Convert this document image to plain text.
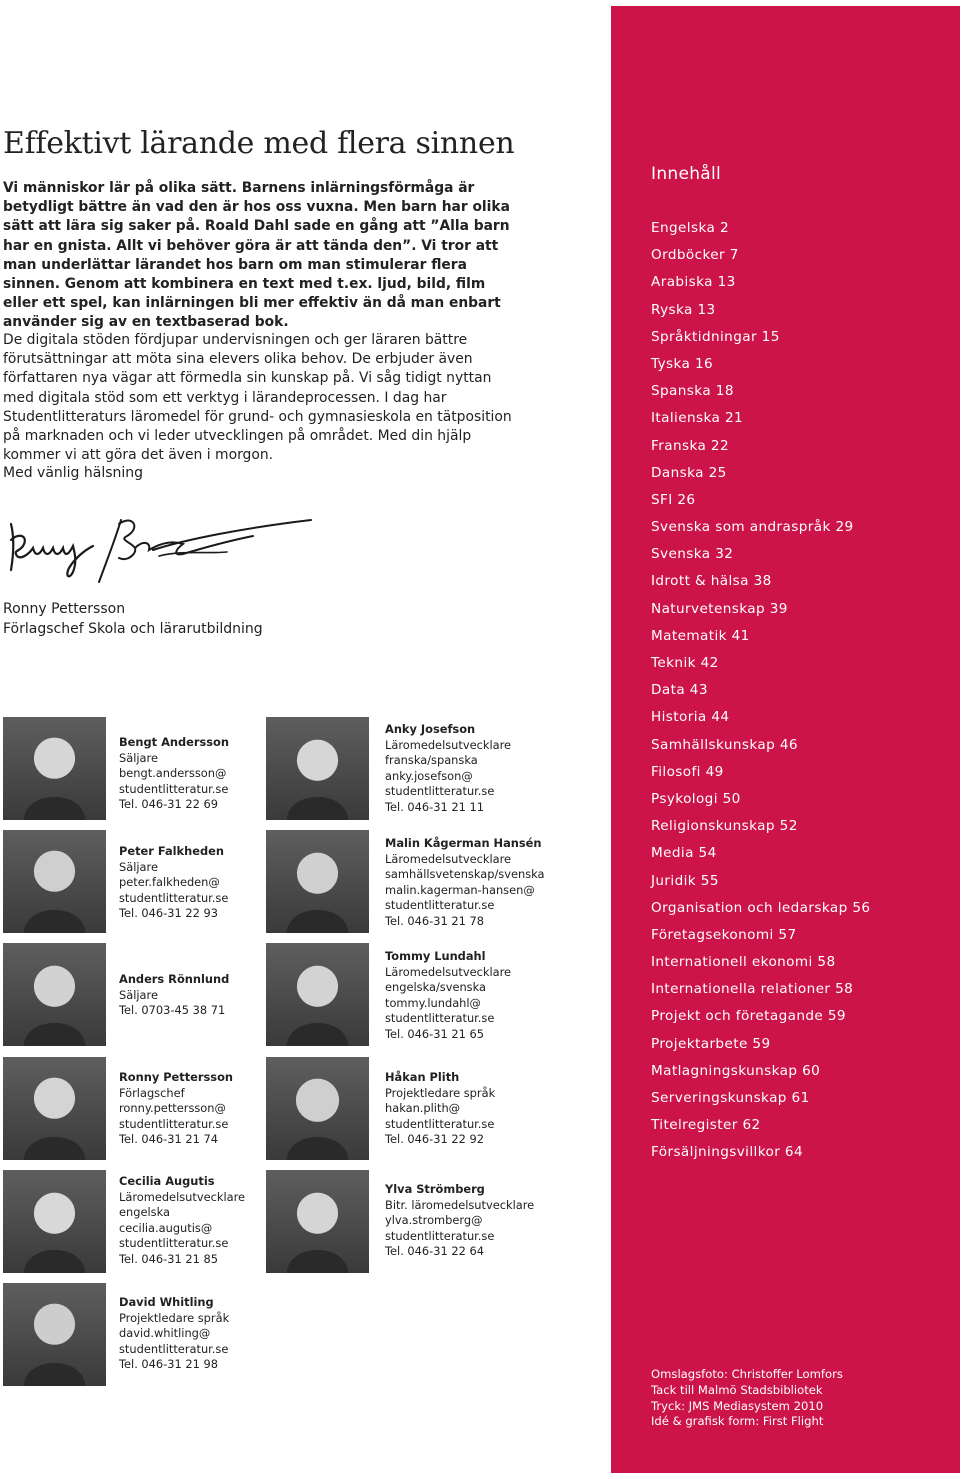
Effektivt lärande med flera sinnen

Vi människor lär på olika sätt. Barnens inlärningsförmåga är betydligt bättre än vad den är hos oss vuxna. Men barn har olika sätt att lära sig saker på. Roald Dahl sade en gång att ”Alla barn har en gnista. Allt vi behöver göra är att tända den”. Vi tror att man underlättar lärandet hos barn om man stimulerar flera sinnen. Genom att kombinera en text med t.ex. ljud, bild, film eller ett spel, kan inlärningen bli mer effektiv än då man enbart använder sig av en textbaserad bok.

De digitala stöden fördjupar undervisningen och ger läraren bättre förutsättningar att möta sina elevers olika behov. De erbjuder även författaren nya vägar att förmedla sin kunskap på. Vi såg tidigt nyttan med digitala stöd som ett verktyg i lärandeprocessen. I dag har Studentlitteraturs läromedel för grund- och gymnasieskola en tätposition på marknaden och vi leder utvecklingen på området. Med din hjälp kommer vi att göra det även i morgon.

Med vänlig hälsning
Ronny Pettersson
Förlagschef Skola och lärarutbildning
Bengt Andersson
Säljare
bengt.andersson@
studentlitteratur.se
Tel. 046-31 22 69
Peter Falkheden
Säljare
peter.falkheden@
studentlitteratur.se
Tel. 046-31 22 93
Anders Rönnlund
Säljare
Tel. 0703-45 38 71
Ronny Pettersson
Förlagschef
ronny.pettersson@
studentlitteratur.se
Tel. 046-31 21 74
Cecilia Augutis
Läromedelsutvecklare
engelska
cecilia.augutis@
studentlitteratur.se
Tel. 046-31 21 85
David Whitling
Projektledare språk
david.whitling@
studentlitteratur.se
Tel. 046-31 21 98
Anky Josefson
Läromedelsutvecklare
franska/spanska
anky.josefson@
studentlitteratur.se
Tel. 046-31 21 11
Malin Kågerman Hansén
Läromedelsutvecklare
samhällsvetenskap/svenska
malin.kagerman-hansen@
studentlitteratur.se
Tel. 046-31 21 78
Tommy Lundahl
Läromedelsutvecklare
engelska/svenska
tommy.lundahl@
studentlitteratur.se
Tel. 046-31 21 65
Håkan Plith
Projektledare språk
hakan.plith@
studentlitteratur.se
Tel. 046-31 22 92
Ylva Strömberg
Bitr. läromedelsutvecklare
ylva.stromberg@
studentlitteratur.se
Tel. 046-31 22 64
Innehåll
Engelska 2
Ordböcker 7
Arabiska 13
Ryska 13
Språktidningar 15
Tyska 16
Spanska 18
Italienska 21
Franska 22
Danska 25
SFI 26
Svenska som andraspråk 29
Svenska 32
Idrott & hälsa 38
Naturvetenskap 39
Matematik 41
Teknik 42
Data 43
Historia 44
Samhällskunskap 46
Filosofi 49
Psykologi 50
Religionskunskap 52
Media 54
Juridik 55
Organisation och ledarskap 56
Företagsekonomi 57
Internationell ekonomi 58
Internationella relationer 58
Projekt och företagande 59
Projektarbete 59
Matlagningskunskap 60
Serveringskunskap 61
Titelregister 62
Försäljningsvillkor 64
Omslagsfoto: Christoffer Lomfors
Tack till Malmö Stadsbibliotek
Tryck: JMS Mediasystem 2010
Idé & grafisk form: First Flight
